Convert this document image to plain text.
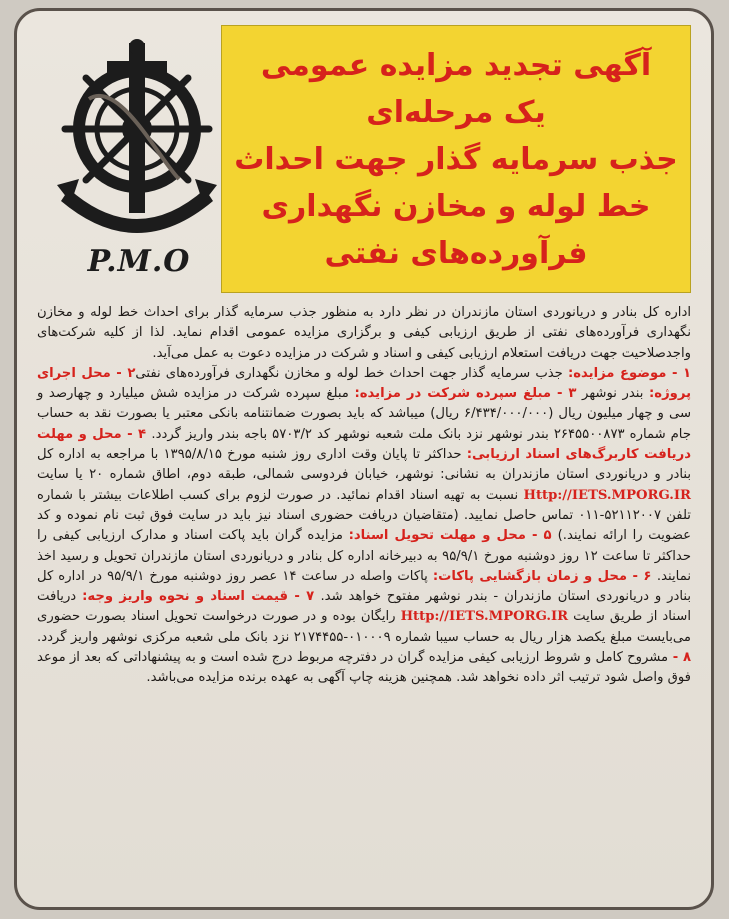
P.M.O
آگهی تجدید مزایده عمومی
یک مرحله‌ای
جذب سرمایه گذار جهت احداث
خط لوله و مخازن نگهداری
فرآورده‌های نفتی

اداره کل بنادر و دریانوردی استان مازندران در نظر دارد به منظور جذب سرمایه گذار برای احداث خط لوله و مخازن نگهداری فرآورده‌های نفتی از طریق ارزیابی کیفی و برگزاری مزایده عمومی اقدام نماید. لذا از کلیه شرکت‌های واجدصلاحیت جهت دریافت استعلام ارزیابی کیفی و اسناد و شرکت در مزایده دعوت به عمل می‌آید.

۱ - موضوع مزایده: جذب سرمایه گذار جهت احداث خط لوله و مخازن نگهداری فرآورده‌های نفتی۲ - محل اجرای پروژه: بندر نوشهر ۳ - مبلغ سپرده شرکت در مزایده: مبلغ سپرده شرکت در مزایده شش میلیارد و چهارصد و سی و چهار میلیون ریال (۶/۴۳۴/۰۰۰/۰۰۰ ریال) میباشد که باید بصورت ضمانتنامه بانکی معتبر یا بصورت نقد به حساب جام شماره ۲۶۴۵۵۰۰۸۷۳ بندر نوشهر نزد بانک ملت شعبه نوشهر کد ۵۷۰۳/۲ باجه بندر واریز گردد. ۴ - محل و مهلت دریافت کاربرگ‌های اسناد ارزیابی: حداکثر تا پایان وقت اداری روز شنبه مورخ ۱۳۹۵/۸/۱۵ با مراجعه به اداره کل بنادر و دریانوردی استان مازندران به نشانی: نوشهر، خیابان فردوسی شمالی، طبقه دوم، اطاق شماره ۲۰ یا سایت Http://IETS.MPORG.IR نسبت به تهیه اسناد اقدام نمائید. در صورت لزوم برای کسب اطلاعات بیشتر با شماره تلفن ۵۲۱۱۲۰۰۷-۰۱۱ تماس حاصل نمایید. (متقاضیان دریافت حضوری اسناد نیز باید در سایت فوق ثبت نام نموده و کد عضویت را ارائه نمایند.) ۵ - محل و مهلت تحویل اسناد: مزایده گران باید پاکت اسناد و مدارک ارزیابی کیفی را حداکثر تا ساعت ۱۲ روز دوشنبه مورخ ۹۵/۹/۱ به دبیرخانه اداره کل بنادر و دریانوردی استان مازندران تحویل و رسید اخذ نمایند. ۶ - محل و زمان بازگشایی پاکات: پاکات واصله در ساعت ۱۴ عصر روز دوشنبه مورخ ۹۵/۹/۱ در اداره کل بنادر و دریانوردی استان مازندران - بندر نوشهر مفتوح خواهد شد. ۷ - قیمت اسناد و نحوه واریز وجه: دریافت اسناد از طریق سایت Http://IETS.MPORG.IR رایگان بوده و در صورت درخواست تحویل اسناد بصورت حضوری می‌بایست مبلغ یکصد هزار ریال به حساب سیبا شماره ۰۱۰۰۰۹-۲۱۷۴۴۵۵ نزد بانک ملی شعبه مرکزی نوشهر واریز گردد. ۸ - مشروح کامل و شروط ارزیابی کیفی مزایده گران در دفترچه مربوط درج شده است و به پیشنهاداتی که بعد از موعد فوق واصل شود ترتیب اثر داده نخواهد شد. همچنین هزینه چاپ آگهی به عهده برنده مزایده می‌باشد.
